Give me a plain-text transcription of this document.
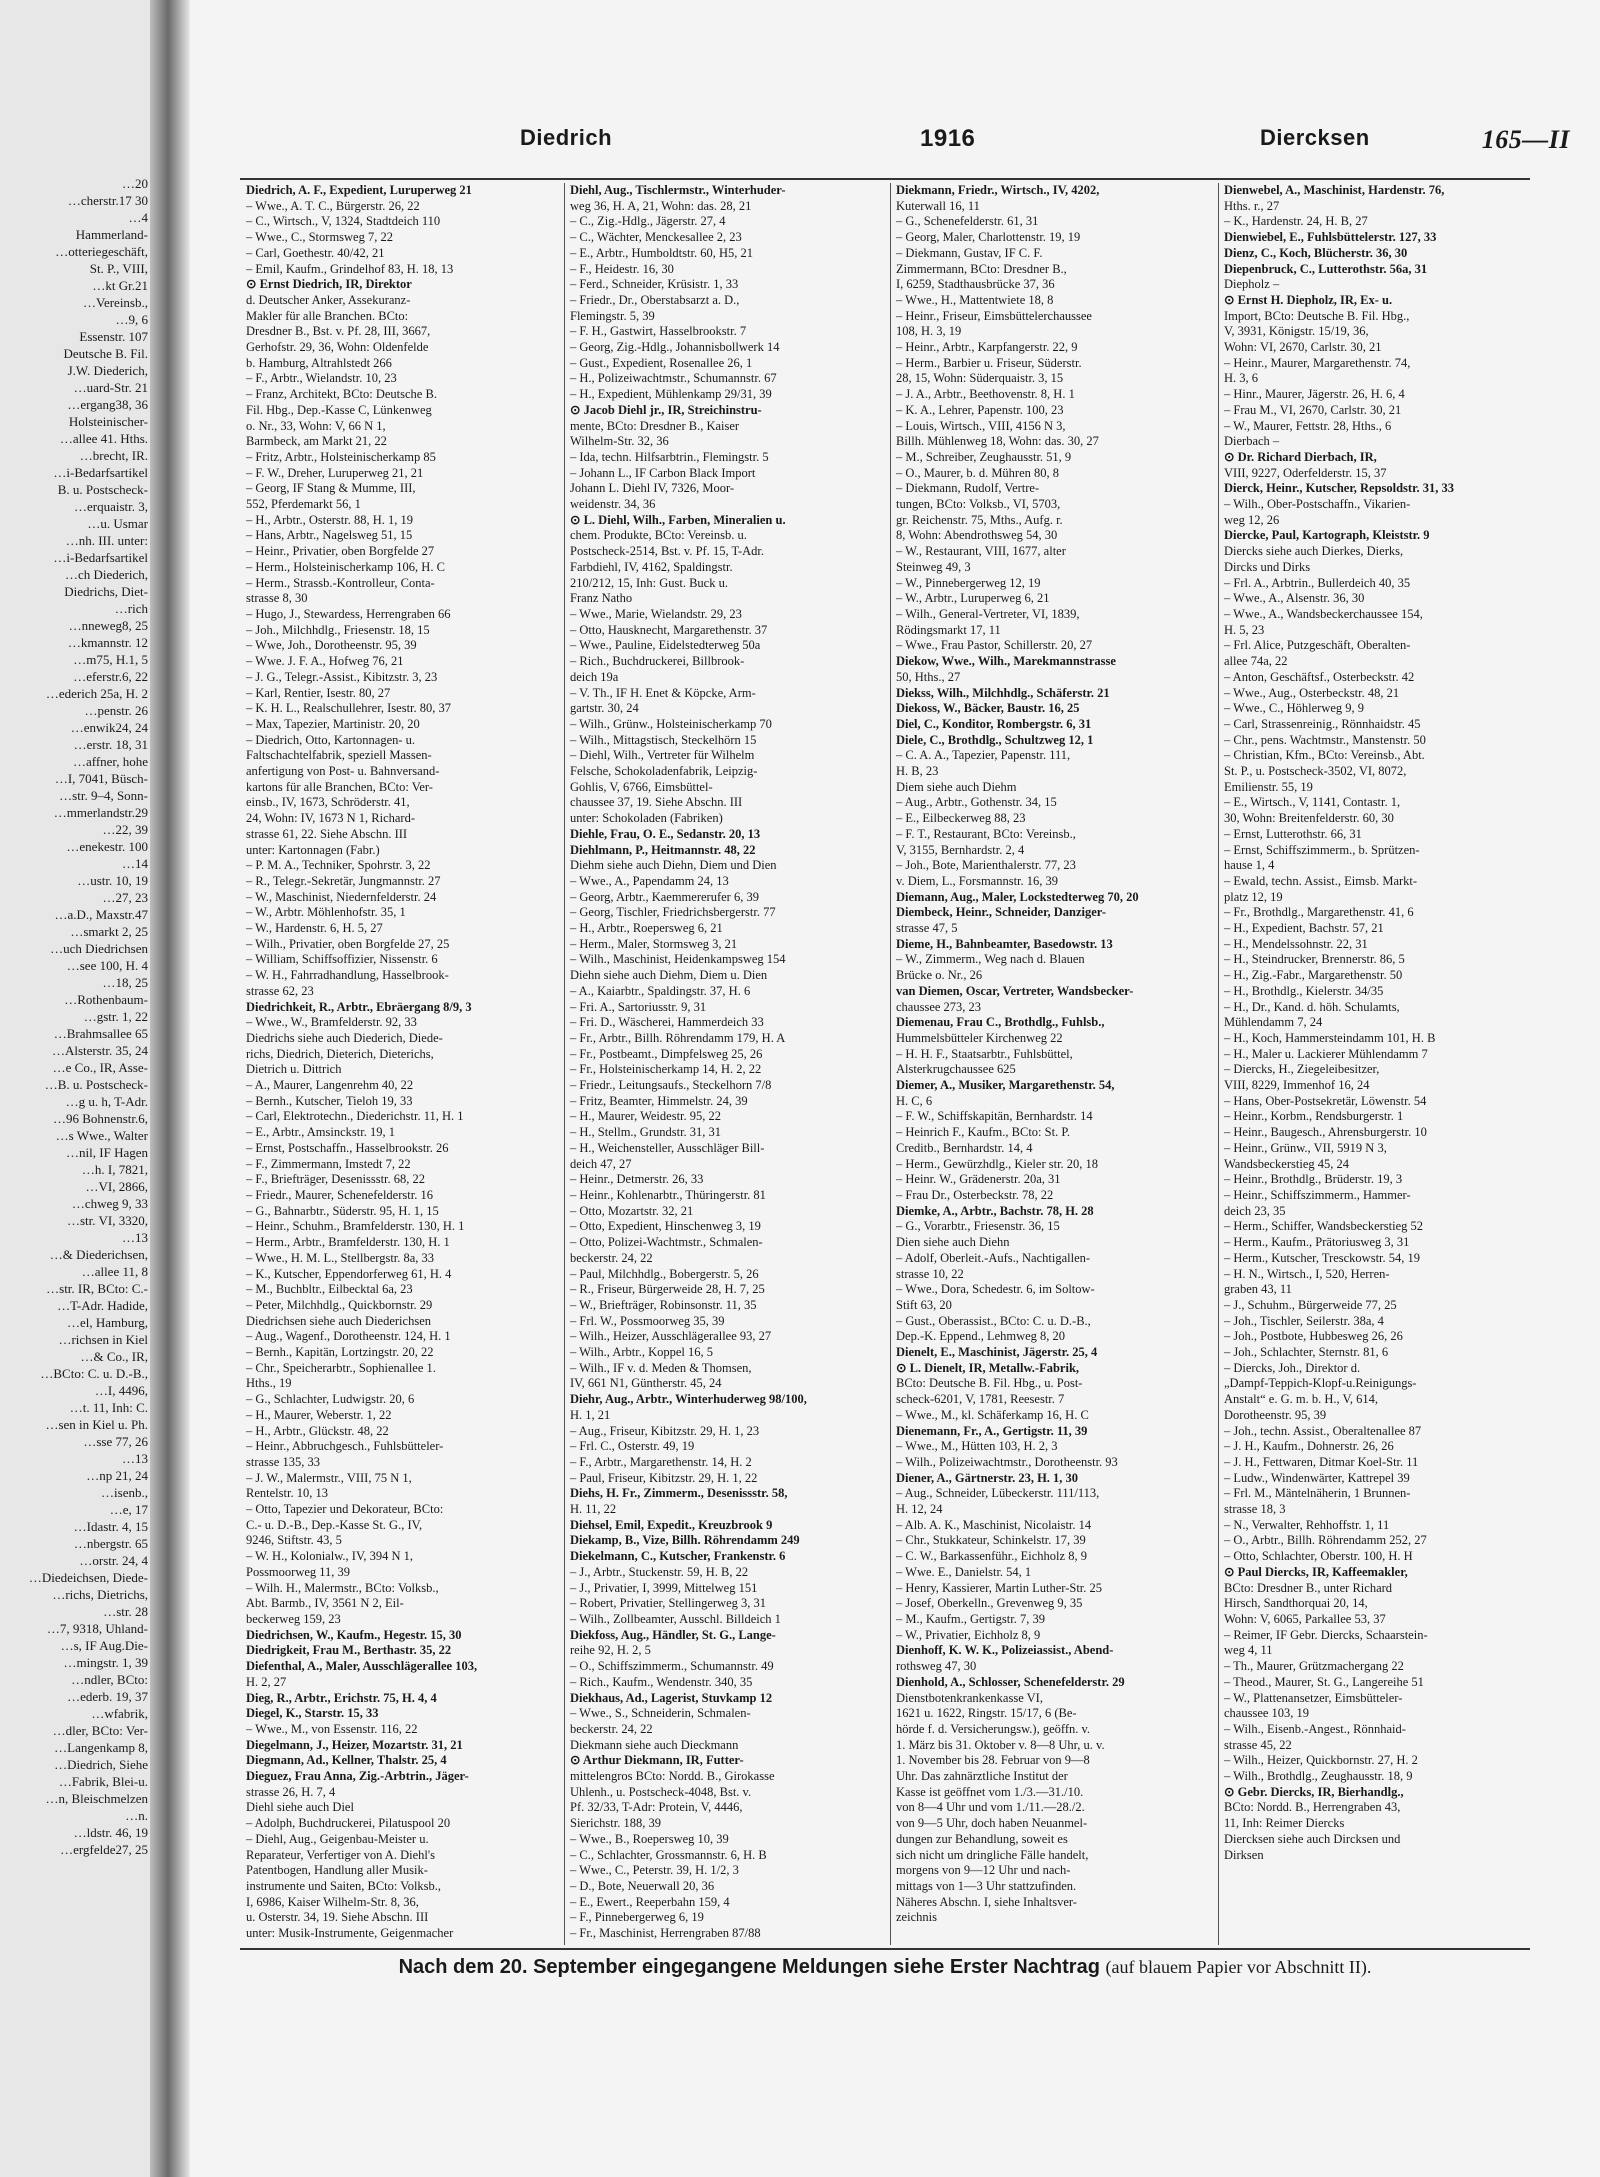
…20
…cherstr.17 30
…4
Hammerland-
…otteriegeschäft,
St. P., VIII,
…kt Gr.21
…Vereinsb.,
…9, 6
Essenstr. 107
Deutsche B. Fil.
J.W. Diederich,
…uard-Str. 21
…ergang38, 36
Holsteinischer-
…allee 41. Hths.
…brecht, IR.
…i-Bedarfsartikel
B. u. Postscheck-
…erquaistr. 3,
…u. Usmar
…nh. III. unter:
…i-Bedarfsartikel
…ch Diederich,
Diedrichs, Diet-
…rich
…nneweg8, 25
…kmannstr. 12
…m75, H.1, 5
…eferstr.6, 22
…ederich 25a, H. 2
…penstr. 26
…enwik24, 24
…erstr. 18, 31
…affner, hohe
…I, 7041, Büsch-
…str. 9–4, Sonn-
…mmerlandstr.29
…22, 39
…enekestr. 100
…14
…ustr. 10, 19
…27, 23
…a.D., Maxstr.47
…smarkt 2, 25
…uch Diedrichsen
…see 100, H. 4
…18, 25
…Rothenbaum-
…gstr. 1, 22
…Brahmsallee 65
…Alsterstr. 35, 24
…e Co., IR, Asse-
…B. u. Postscheck-
…g u. h, T-Adr.
…96 Bohnenstr.6,
…s Wwe., Walter
…nil, IF Hagen
…h. I, 7821,
…VI, 2866,
…chweg 9, 33
…str. VI, 3320,
…13
…& Diederichsen,
…allee 11, 8
…str. IR, BCto: C.-
…T-Adr. Hadide,
…el, Hamburg,
…richsen in Kiel
…& Co., IR,
…BCto: C. u. D.-B.,
…I, 4496,
…t. 11, Inh: C.
…sen in Kiel u. Ph.
…sse 77, 26
…13
…np 21, 24
…isenb.,
…e, 17
…Idastr. 4, 15
…nbergstr. 65
…orstr. 24, 4
…Diedeichsen, Diede-
…richs, Dietrichs,
…str. 28
…7, 9318, Uhland-
…s, IF Aug.Die-
…mingstr. 1, 39
…ndler, BCto:
…ederb. 19, 37
…wfabrik,
…dler, BCto: Ver-
…Langenkamp 8,
…Diedrich, Siehe
…Fabrik, Blei-u.
…n, Bleischmelzen
…n.
…ldstr. 46, 19
…ergfelde27, 25
Diedrich	1916	Diercksen	165—II
Diedrich, A. F., Expedient, Luruperweg 21
– Wwe., A. T. C., Bürgerstr. 26, 22
– C., Wirtsch., V, 1324, Stadtdeich 110
– Wwe., C., Stormsweg 7, 22
– Carl, Goethestr. 40/42, 21
– Emil, Kaufm., Grindelhof 83, H. 18, 13
⊙ Ernst Diedrich, IR, Direktor
d. Deutscher Anker, Assekuranz-
Makler für alle Branchen. BCto:
Dresdner B., Bst. v. Pf. 28, III, 3667,
Gerhofstr. 29, 36, Wohn: Oldenfelde
b. Hamburg, Altrahlstedt 266
– F., Arbtr., Wielandstr. 10, 23
– Franz, Architekt, BCto: Deutsche B.
Fil. Hbg., Dep.-Kasse C, Lünkenweg
o. Nr., 33, Wohn: V, 66 N 1,
Barmbeck, am Markt 21, 22
– Fritz, Arbtr., Holsteinischerkamp 85
– F. W., Dreher, Luruperweg 21, 21
– Georg, IF Stang & Mumme, III,
552, Pferdemarkt 56, 1
– H., Arbtr., Osterstr. 88, H. 1, 19
– Hans, Arbtr., Nagelsweg 51, 15
– Heinr., Privatier, oben Borgfelde 27
– Herm., Holsteinischerkamp 106, H. C
– Herm., Strassb.-Kontrolleur, Conta-
strasse 8, 30
– Hugo, J., Stewardess, Herrengraben 66
– Joh., Milchhdlg., Friesenstr. 18, 15
– Wwe, Joh., Dorotheenstr. 95, 39
– Wwe. J. F. A., Hofweg 76, 21
– J. G., Telegr.-Assist., Kibitzstr. 3, 23
– Karl, Rentier, Isestr. 80, 27
– K. H. L., Realschullehrer, Isestr. 80, 37
– Max, Tapezier, Martinistr. 20, 20
– Diedrich, Otto, Kartonnagen- u.
Faltschachtelfabrik, speziell Massen-
anfertigung von Post- u. Bahnversand-
kartons für alle Branchen, BCto: Ver-
einsb., IV, 1673, Schröderstr. 41,
24, Wohn: IV, 1673 N 1, Richard-
strasse 61, 22. Siehe Abschn. III
unter: Kartonnagen (Fabr.)
– P. M. A., Techniker, Spohrstr. 3, 22
– R., Telegr.-Sekretär, Jungmannstr. 27
– W., Maschinist, Niedernfelderstr. 24
– W., Arbtr. Möhlenhofstr. 35, 1
– W., Hardenstr. 6, H. 5, 27
– Wilh., Privatier, oben Borgfelde 27, 25
– William, Schiffsoffizier, Nissenstr. 6
– W. H., Fahrradhandlung, Hasselbrook-
strasse 62, 23
Diedrichkeit, R., Arbtr., Ebräergang 8/9, 3
– Wwe., W., Bramfelderstr. 92, 33
Diedrichs siehe auch Diederich, Diede-
richs, Diedrich, Dieterich, Dieterichs,
Dietrich u. Dittrich
– A., Maurer, Langenrehm 40, 22
– Bernh., Kutscher, Tieloh 19, 33
– Carl, Elektrotechn., Diederichstr. 11, H. 1
– E., Arbtr., Amsinckstr. 19, 1
– Ernst, Postschaffn., Hasselbrookstr. 26
– F., Zimmermann, Imstedt 7, 22
– F., Briefträger, Desenissstr. 68, 22
– Friedr., Maurer, Schenefelderstr. 16
– G., Bahnarbtr., Süderstr. 95, H. 1, 15
– Heinr., Schuhm., Bramfelderstr. 130, H. 1
– Herm., Arbtr., Bramfelderstr. 130, H. 1
– Wwe., H. M. L., Stellbergstr. 8a, 33
– K., Kutscher, Eppendorferweg 61, H. 4
– M., Buchbltr., Eilbecktal 6a, 23
– Peter, Milchhdlg., Quickbornstr. 29
Diedrichsen siehe auch Diederichsen
– Aug., Wagenf., Dorotheenstr. 124, H. 1
– Bernh., Kapitän, Lortzingstr. 20, 22
– Chr., Speicherarbtr., Sophienallee 1.
Hths., 19
– G., Schlachter, Ludwigstr. 20, 6
– H., Maurer, Weberstr. 1, 22
– H., Arbtr., Glückstr. 48, 22
– Heinr., Abbruchgesch., Fuhlsbütteler-
strasse 135, 33
– J. W., Malermstr., VIII, 75 N 1,
Rentelstr. 10, 13
– Otto, Tapezier und Dekorateur, BCto:
C.- u. D.-B., Dep.-Kasse St. G., IV,
9246, Stiftstr. 43, 5
– W. H., Kolonialw., IV, 394 N 1,
Possmoorweg 11, 39
– Wilh. H., Malermstr., BCto: Volksb.,
Abt. Barmb., IV, 3561 N 2, Eil-
beckerweg 159, 23
Diedrichsen, W., Kaufm., Hegestr. 15, 30
Diedrigkeit, Frau M., Berthastr. 35, 22
Diefenthal, A., Maler, Ausschlägerallee 103,
H. 2, 27
Dieg, R., Arbtr., Erichstr. 75, H. 4, 4
Diegel, K., Starstr. 15, 33
– Wwe., M., von Essenstr. 116, 22
Diegelmann, J., Heizer, Mozartstr. 31, 21
Diegmann, Ad., Kellner, Thalstr. 25, 4
Dieguez, Frau Anna, Zig.-Arbtrin., Jäger-
strasse 26, H. 7, 4
Diehl siehe auch Diel
– Adolph, Buchdruckerei, Pilatuspool 20
– Diehl, Aug., Geigenbau-Meister u.
Reparateur, Verfertiger von A. Diehl's
Patentbogen, Handlung aller Musik-
instrumente und Saiten, BCto: Volksb.,
I, 6986, Kaiser Wilhelm-Str. 8, 36,
u. Osterstr. 34, 19. Siehe Abschn. III
unter: Musik-Instrumente, Geigenmacher
Diehl, Aug., Tischlermstr., Winterhuder-
weg 36, H. A, 21, Wohn: das. 28, 21
– C., Zig.-Hdlg., Jägerstr. 27, 4
– C., Wächter, Menckesallee 2, 23
– E., Arbtr., Humboldtstr. 60, H5, 21
– F., Heidestr. 16, 30
– Ferd., Schneider, Krüsistr. 1, 33
– Friedr., Dr., Oberstabsarzt a. D.,
Flemingstr. 5, 39
– F. H., Gastwirt, Hasselbrookstr. 7
– Georg, Zig.-Hdlg., Johannisbollwerk 14
– Gust., Expedient, Rosenallee 26, 1
– H., Polizeiwachtmstr., Schumannstr. 67
– H., Expedient, Mühlenkamp 29/31, 39
⊙ Jacob Diehl jr., IR, Streichinstru-
mente, BCto: Dresdner B., Kaiser
Wilhelm-Str. 32, 36
– Ida, techn. Hilfsarbtrin., Flemingstr. 5
– Johann L., IF Carbon Black Import
Johann L. Diehl IV, 7326, Moor-
weidenstr. 34, 36
⊙ L. Diehl, Wilh., Farben, Mineralien u.
chem. Produkte, BCto: Vereinsb. u.
Postscheck-2514, Bst. v. Pf. 15, T-Adr.
Farbdiehl, IV, 4162, Spaldingstr.
210/212, 15, Inh: Gust. Buck u.
Franz Natho
– Wwe., Marie, Wielandstr. 29, 23
– Otto, Hausknecht, Margarethenstr. 37
– Wwe., Pauline, Eidelstedterweg 50a
– Rich., Buchdruckerei, Billbrook-
deich 19a
– V. Th., IF H. Enet & Köpcke, Arm-
gartstr. 30, 24
– Wilh., Grünw., Holsteinischerkamp 70
– Wilh., Mittagstisch, Steckelhörn 15
– Diehl, Wilh., Vertreter für Wilhelm
Felsche, Schokoladenfabrik, Leipzig-
Gohlis, V, 6766, Eimsbüttel-
chaussee 37, 19. Siehe Abschn. III
unter: Schokoladen (Fabriken)
Diehle, Frau, O. E., Sedanstr. 20, 13
Diehlmann, P., Heitmannstr. 48, 22
Diehm siehe auch Diehn, Diem und Dien
– Wwe., A., Papendamm 24, 13
– Georg, Arbtr., Kaemmererufer 6, 39
– Georg, Tischler, Friedrichsbergerstr. 77
– H., Arbtr., Roepersweg 6, 21
– Herm., Maler, Stormsweg 3, 21
– Wilh., Maschinist, Heidenkampsweg 154
Diehn siehe auch Diehm, Diem u. Dien
– A., Kaiarbtr., Spaldingstr. 37, H. 6
– Fri. A., Sartoriusstr. 9, 31
– Fri. D., Wäscherei, Hammerdeich 33
– Fr., Arbtr., Billh. Röhrendamm 179, H. A
– Fr., Postbeamt., Dimpfelsweg 25, 26
– Fr., Holsteinischerkamp 14, H. 2, 22
– Friedr., Leitungsaufs., Steckelhorn 7/8
– Fritz, Beamter, Himmelstr. 24, 39
– H., Maurer, Weidestr. 95, 22
– H., Stellm., Grundstr. 31, 31
– H., Weichensteller, Ausschläger Bill-
deich 47, 27
– Heinr., Detmerstr. 26, 33
– Heinr., Kohlenarbtr., Thüringerstr. 81
– Otto, Mozartstr. 32, 21
– Otto, Expedient, Hinschenweg 3, 19
– Otto, Polizei-Wachtmstr., Schmalen-
beckerstr. 24, 22
– Paul, Milchhdlg., Bobergerstr. 5, 26
– R., Friseur, Bürgerweide 28, H. 7, 25
– W., Briefträger, Robinsonstr. 11, 35
– Frl. W., Possmoorweg 35, 39
– Wilh., Heizer, Ausschlägerallee 93, 27
– Wilh., Arbtr., Koppel 16, 5
– Wilh., IF v. d. Meden & Thomsen,
IV, 661 N1, Güntherstr. 45, 24
Diehr, Aug., Arbtr., Winterhuderweg 98/100,
H. 1, 21
– Aug., Friseur, Kibitzstr. 29, H. 1, 23
– Frl. C., Osterstr. 49, 19
– F., Arbtr., Margarethenstr. 14, H. 2
– Paul, Friseur, Kibitzstr. 29, H. 1, 22
Diehs, H. Fr., Zimmerm., Desenissstr. 58,
H. 11, 22
Diehsel, Emil, Expedit., Kreuzbrook 9
Diekamp, B., Vize, Billh. Röhrendamm 249
Diekelmann, C., Kutscher, Frankenstr. 6
– J., Arbtr., Stuckenstr. 59, H. B, 22
– J., Privatier, I, 3999, Mittelweg 151
– Robert, Privatier, Stellingerweg 3, 31
– Wilh., Zollbeamter, Ausschl. Billdeich 1
Diekfoss, Aug., Händler, St. G., Lange-
reihe 92, H. 2, 5
– O., Schiffszimmerm., Schumannstr. 49
– Rich., Kaufm., Wendenstr. 340, 35
Diekhaus, Ad., Lagerist, Stuvkamp 12
– Wwe., S., Schneiderin, Schmalen-
beckerstr. 24, 22
Diekmann siehe auch Dieckmann
⊙ Arthur Diekmann, IR, Futter-
mittelengros BCto: Nordd. B., Girokasse
Uhlenh., u. Postscheck-4048, Bst. v.
Pf. 32/33, T-Adr: Protein, V, 4446,
Sierichstr. 188, 39
– Wwe., B., Roepersweg 10, 39
– C., Schlachter, Grossmannstr. 6, H. B
– Wwe., C., Peterstr. 39, H. 1/2, 3
– D., Bote, Neuerwall 20, 36
– E., Ewert., Reeperbahn 159, 4
– F., Pinnebergerweg 6, 19
– Fr., Maschinist, Herrengraben 87/88
Diekmann, Friedr., Wirtsch., IV, 4202,
Kuterwall 16, 11
– G., Schenefelderstr. 61, 31
– Georg, Maler, Charlottenstr. 19, 19
– Diekmann, Gustav, IF C. F.
Zimmermann, BCto: Dresdner B.,
I, 6259, Stadthausbrücke 37, 36
– Wwe., H., Mattentwiete 18, 8
– Heinr., Friseur, Eimsbüttelerchaussee
108, H. 3, 19
– Heinr., Arbtr., Karpfangerstr. 22, 9
– Herm., Barbier u. Friseur, Süderstr.
28, 15, Wohn: Süderquaistr. 3, 15
– J. A., Arbtr., Beethovenstr. 8, H. 1
– K. A., Lehrer, Papenstr. 100, 23
– Louis, Wirtsch., VIII, 4156 N 3,
Billh. Mühlenweg 18, Wohn: das. 30, 27
– M., Schreiber, Zeughausstr. 51, 9
– O., Maurer, b. d. Mühren 80, 8
– Diekmann, Rudolf, Vertre-
tungen, BCto: Volksb., VI, 5703,
gr. Reichenstr. 75, Mths., Aufg. r.
8, Wohn: Abendrothsweg 54, 30
– W., Restaurant, VIII, 1677, alter
Steinweg 49, 3
– W., Pinnebergerweg 12, 19
– W., Arbtr., Luruperweg 6, 21
– Wilh., General-Vertreter, VI, 1839,
Rödingsmarkt 17, 11
– Wwe., Frau Pastor, Schillerstr. 20, 27
Diekow, Wwe., Wilh., Marekmannstrasse
50, Hths., 27
Diekss, Wilh., Milchhdlg., Schäferstr. 21
Diekoss, W., Bäcker, Baustr. 16, 25
Diel, C., Konditor, Rombergstr. 6, 31
Diele, C., Brothdlg., Schultzweg 12, 1
– C. A. A., Tapezier, Papenstr. 111,
H. B, 23
Diem siehe auch Diehm
– Aug., Arbtr., Gothenstr. 34, 15
– E., Eilbeckerweg 88, 23
– F. T., Restaurant, BCto: Vereinsb.,
V, 3155, Bernhardstr. 2, 4
– Joh., Bote, Marienthalerstr. 77, 23
v. Diem, L., Forsmannstr. 16, 39
Diemann, Aug., Maler, Lockstedterweg 70, 20
Diembeck, Heinr., Schneider, Danziger-
strasse 47, 5
Dieme, H., Bahnbeamter, Basedowstr. 13
– W., Zimmerm., Weg nach d. Blauen
Brücke o. Nr., 26
van Diemen, Oscar, Vertreter, Wandsbecker-
chaussee 273, 23
Diemenau, Frau C., Brothdlg., Fuhlsb.,
Hummelsbütteler Kirchenweg 22
– H. H. F., Staatsarbtr., Fuhlsbüttel,
Alsterkrugchaussee 625
Diemer, A., Musiker, Margarethenstr. 54,
H. C, 6
– F. W., Schiffskapitän, Bernhardstr. 14
– Heinrich F., Kaufm., BCto: St. P.
Creditb., Bernhardstr. 14, 4
– Herm., Gewürzhdlg., Kieler str. 20, 18
– Heinr. W., Grädenerstr. 20a, 31
– Frau Dr., Osterbeckstr. 78, 22
Diemke, A., Arbtr., Bachstr. 78, H. 28
– G., Vorarbtr., Friesenstr. 36, 15
Dien siehe auch Diehn
– Adolf, Oberleit.-Aufs., Nachtigallen-
strasse 10, 22
– Wwe., Dora, Schedestr. 6, im Soltow-
Stift 63, 20
– Gust., Oberassist., BCto: C. u. D.-B.,
Dep.-K. Eppend., Lehmweg 8, 20
Dienelt, E., Maschinist, Jägerstr. 25, 4
⊙ L. Dienelt, IR, Metallw.-Fabrik,
BCto: Deutsche B. Fil. Hbg., u. Post-
scheck-6201, V, 1781, Reesestr. 7
– Wwe., M., kl. Schäferkamp 16, H. C
Dienemann, Fr., A., Gertigstr. 11, 39
– Wwe., M., Hütten 103, H. 2, 3
– Wilh., Polizeiwachtmstr., Dorotheenstr. 93
Diener, A., Gärtnerstr. 23, H. 1, 30
– Aug., Schneider, Lübeckerstr. 111/113,
H. 12, 24
– Alb. A. K., Maschinist, Nicolaistr. 14
– Chr., Stukkateur, Schinkelstr. 17, 39
– C. W., Barkassenführ., Eichholz 8, 9
– Wwe. E., Danielstr. 54, 1
– Henry, Kassierer, Martin Luther-Str. 25
– Josef, Oberkelln., Grevenweg 9, 35
– M., Kaufm., Gertigstr. 7, 39
– W., Privatier, Eichholz 8, 9
Dienhoff, K. W. K., Polizeiassist., Abend-
rothsweg 47, 30
Dienhold, A., Schlosser, Schenefelderstr. 29
Dienstbotenkrankenkasse VI,
1621 u. 1622, Ringstr. 15/17, 6 (Be-
hörde f. d. Versicherungsw.), geöffn. v.
1. März bis 31. Oktober v. 8—8 Uhr, u. v.
1. November bis 28. Februar von 9—8
Uhr. Das zahnärztliche Institut der
Kasse ist geöffnet vom 1./3.—31./10.
von 8—4 Uhr und vom 1./11.—28./2.
von 9—5 Uhr, doch haben Neuanmel-
dungen zur Behandlung, soweit es
sich nicht um dringliche Fälle handelt,
morgens von 9—12 Uhr und nach-
mittags von 1—3 Uhr stattzufinden.
Näheres Abschn. I, siehe Inhaltsver-
zeichnis
Dienwebel, A., Maschinist, Hardenstr. 76,
Hths. r., 27
– K., Hardenstr. 24, H. B, 27
Dienwiebel, E., Fuhlsbüttelerstr. 127, 33
Dienz, C., Koch, Blücherstr. 36, 30
Diepenbruck, C., Lutterothstr. 56a, 31
Diepholz –
⊙ Ernst H. Diepholz, IR, Ex- u.
Import, BCto: Deutsche B. Fil. Hbg.,
V, 3931, Königstr. 15/19, 36,
Wohn: VI, 2670, Carlstr. 30, 21
– Heinr., Maurer, Margarethenstr. 74,
H. 3, 6
– Hinr., Maurer, Jägerstr. 26, H. 6, 4
– Frau M., VI, 2670, Carlstr. 30, 21
– W., Maurer, Fettstr. 28, Hths., 6
Dierbach –
⊙ Dr. Richard Dierbach, IR,
VIII, 9227, Oderfelderstr. 15, 37
Dierck, Heinr., Kutscher, Repsoldstr. 31, 33
– Wilh., Ober-Postschaffn., Vikarien-
weg 12, 26
Diercke, Paul, Kartograph, Kleiststr. 9
Diercks siehe auch Dierkes, Dierks,
Dircks und Dirks
– Frl. A., Arbtrin., Bullerdeich 40, 35
– Wwe., A., Alsenstr. 36, 30
– Wwe., A., Wandsbeckerchaussee 154,
H. 5, 23
– Frl. Alice, Putzgeschäft, Oberalten-
allee 74a, 22
– Anton, Geschäftsf., Osterbeckstr. 42
– Wwe., Aug., Osterbeckstr. 48, 21
– Wwe., C., Höhlerweg 9, 9
– Carl, Strassenreinig., Rönnhaidstr. 45
– Chr., pens. Wachtmstr., Manstenstr. 50
– Christian, Kfm., BCto: Vereinsb., Abt.
St. P., u. Postscheck-3502, VI, 8072,
Emilienstr. 55, 19
– E., Wirtsch., V, 1141, Contastr. 1,
30, Wohn: Breitenfelderstr. 60, 30
– Ernst, Lutterothstr. 66, 31
– Ernst, Schiffszimmerm., b. Sprützen-
hause 1, 4
– Ewald, techn. Assist., Eimsb. Markt-
platz 12, 19
– Fr., Brothdlg., Margarethenstr. 41, 6
– H., Expedient, Bachstr. 57, 21
– H., Mendelssohnstr. 22, 31
– H., Steindrucker, Brennerstr. 86, 5
– H., Zig.-Fabr., Margarethenstr. 50
– H., Brothdlg., Kielerstr. 34/35
– H., Dr., Kand. d. höh. Schulamts,
Mühlendamm 7, 24
– H., Koch, Hammersteindamm 101, H. B
– H., Maler u. Lackierer Mühlendamm 7
– Diercks, H., Ziegeleibesitzer,
VIII, 8229, Immenhof 16, 24
– Hans, Ober-Postsekretär, Löwenstr. 54
– Heinr., Korbm., Rendsburgerstr. 1
– Heinr., Baugesch., Ahrensburgerstr. 10
– Heinr., Grünw., VII, 5919 N 3,
Wandsbeckerstieg 45, 24
– Heinr., Brothdlg., Brüderstr. 19, 3
– Heinr., Schiffszimmerm., Hammer-
deich 23, 35
– Herm., Schiffer, Wandsbeckerstieg 52
– Herm., Kaufm., Prätoriusweg 3, 31
– Herm., Kutscher, Tresckowstr. 54, 19
– H. N., Wirtsch., I, 520, Herren-
graben 43, 11
– J., Schuhm., Bürgerweide 77, 25
– Joh., Tischler, Seilerstr. 38a, 4
– Joh., Postbote, Hubbesweg 26, 26
– Joh., Schlachter, Sternstr. 81, 6
– Diercks, Joh., Direktor d.
„Dampf-Teppich-Klopf-u.Reinigungs-
Anstalt“ e. G. m. b. H., V, 614,
Dorotheenstr. 95, 39
– Joh., techn. Assist., Oberaltenallee 87
– J. H., Kaufm., Dohnerstr. 26, 26
– J. H., Fettwaren, Ditmar Koel-Str. 11
– Ludw., Windenwärter, Kattrepel 39
– Frl. M., Mäntelnäherin, 1 Brunnen-
strasse 18, 3
– N., Verwalter, Rehhoffstr. 1, 11
– O., Arbtr., Billh. Röhrendamm 252, 27
– Otto, Schlachter, Oberstr. 100, H. H
⊙ Paul Diercks, IR, Kaffeemakler,
BCto: Dresdner B., unter Richard
Hirsch, Sandthorquai 20, 14,
Wohn: V, 6065, Parkallee 53, 37
– Reimer, IF Gebr. Diercks, Schaarstein-
weg 4, 11
– Th., Maurer, Grützmachergang 22
– Theod., Maurer, St. G., Langereihe 51
– W., Plattenansetzer, Eimsbütteler-
chaussee 103, 19
– Wilh., Eisenb.-Angest., Rönnhaid-
strasse 45, 22
– Wilh., Heizer, Quickbornstr. 27, H. 2
– Wilh., Brothdlg., Zeughausstr. 18, 9
⊙ Gebr. Diercks, IR, Bierhandlg.,
BCto: Nordd. B., Herrengraben 43,
11, Inh: Reimer Diercks
Diercksen siehe auch Dircksen und
Dirksen
Nach dem 20. September eingegangene Meldungen siehe Erster Nachtrag (auf blauem Papier vor Abschnitt II).
